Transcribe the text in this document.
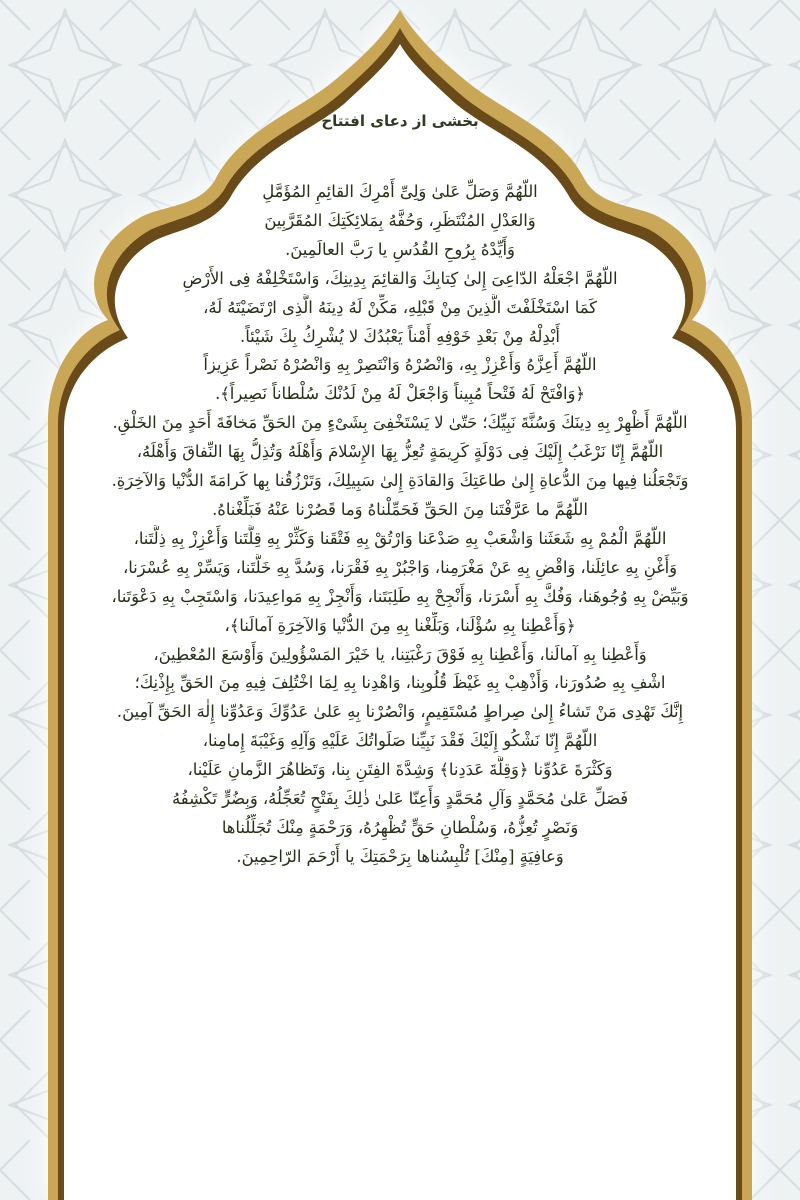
بخشی از دعای افتتاح
اللّهُمَّ وَصَلِّ عَلىٰ وَلِیِّ أَمْرِكَ القائِمِ المُؤَمَّلِ
وَالعَدْلِ المُنْتَظَرِ، وَحُفَّهُ بِمَلائِكَتِكَ المُقَرَّبِينَ
وَأَيِّدْهُ بِرُوحِ القُدُسِ يا رَبَّ العالَمِينَ.
اللّهُمَّ اجْعَلْهُ الدّاعِیَ إِلىٰ كِتابِكَ وَالقائِمَ بِدِينِكَ، وَاسْتَخْلِفْهُ فِی الأَرْضِ
كَمَا اسْتَخْلَفْتَ الَّذِينَ مِنْ قَبْلِهِ، مَكِّنْ لَهُ دِينَهُ الَّذِی ارْتَضَيْتَهُ لَهُ،
أَبْدِلْهُ مِنْ بَعْدِ خَوْفِهِ أَمْناً يَعْبُدُكَ لا يُشْرِكُ بِكَ شَيْئاً.
اللّهُمَّ أَعِزَّهُ وَأَعْزِزْ بِهِ، وَانْصُرْهُ وَانْتَصِرْ بِهِ وَانْصُرْهُ نَصْراً عَزِيزاً
﴿وَافْتَحْ لَهُ فَتْحاً مُبِيناً وَاجْعَلْ لَهُ مِنْ لَدُنْكَ سُلْطاناً نَصِيراً﴾.
اللّهُمَّ أَظْهِرْ بِهِ دِينَكَ وَسُنَّةَ نَبِيِّكَ؛ حَتّىٰ لا يَسْتَخْفِیَ بِشَیْءٍ مِنَ الحَقِّ مَخافَةَ أَحَدٍ مِنَ الخَلْقِ.
اللّهُمَّ إِنّا نَرْغَبُ إِلَيْكَ فِی دَوْلَةٍ كَرِيمَةٍ تُعِزُّ بِهَا الإِسْلامَ وَأَهْلَهُ وَتُذِلُّ بِهَا النِّفاقَ وَأَهْلَهُ،
وَتَجْعَلُنا فِيها مِنَ الدُّعاةِ إِلىٰ طاعَتِكَ وَالقادَةِ إِلىٰ سَبِيلِكَ، وَتَرْزُقُنا بِها كَرامَةَ الدُّنْيا وَالآخِرَةِ.
اللّهُمَّ ما عَرَّفْتَنا مِنَ الحَقِّ فَحَمِّلْناهُ وَما قَصُرْنا عَنْهُ فَبَلِّغْناهُ.
اللّهُمَّ الْمُمْ بِهِ شَعَثَنا وَاشْعَبْ بِهِ صَدْعَنا وَارْتُقْ بِهِ فَتْقَنا وَكَثِّرْ بِهِ قِلَّتَنا وَأَعْزِزْ بِهِ ذِلَّتَنا،
وَأَغْنِ بِهِ عائِلَنا، وَاقْضِ بِهِ عَنْ مَغْرَمِنا، وَاجْبُرْ بِهِ فَقْرَنا، وَسُدَّ بِهِ خَلَّتَنا، وَيَسِّرْ بِهِ عُسْرَنا،
وَبَيِّضْ بِهِ وُجُوهَنا، وَفُكَّ بِهِ أَسْرَنا، وَأَنْجِحْ بِهِ طَلِبَتَنا، وَأَنْجِزْ بِهِ مَواعِيدَنا، وَاسْتَجِبْ بِهِ دَعْوَتَنا،
﴿وَأَعْطِنا بِهِ سُؤْلَنا، وَبَلِّغْنا بِهِ مِنَ الدُّنْيا وَالآخِرَةِ آمالَنا﴾،
وَأَعْطِنا بِهِ آمالَنا، وَأَعْطِنا بِهِ فَوْقَ رَغْبَتِنا، يا خَيْرَ المَسْؤُولِينَ وَأَوْسَعَ المُعْطِينَ،
اشْفِ بِهِ صُدُورَنا، وَأَذْهِبْ بِهِ غَيْظَ قُلُوبِنا، وَاهْدِنا بِهِ لِمَا اخْتُلِفَ فِيهِ مِنَ الحَقِّ بِإِذْنِكَ؛
إِنَّكَ تَهْدِی مَنْ تَشاءُ إِلىٰ صِراطٍ مُسْتَقِيمٍ، وَانْصُرْنا بِهِ عَلىٰ عَدُوِّكَ وَعَدُوِّنا إِلٰهَ الحَقِّ آمِينَ.
اللّهُمَّ إِنّا نَشْكُو إِلَيْكَ فَقْدَ نَبِيِّنا صَلَواتُكَ عَلَيْهِ وَآلِهِ وَغَيْبَةَ إِمامِنا،
وَكَثْرَةَ عَدُوِّنا ﴿وَقِلَّةَ عَدَدِنا﴾ وَشِدَّةَ الفِتَنِ بِنا، وَتَظاهُرَ الزَّمانِ عَلَيْنا،
فَصَلِّ عَلىٰ مُحَمَّدٍ وَآلِ مُحَمَّدٍ وَأَعِنّا عَلىٰ ذٰلِكَ بِفَتْحٍ تُعَجِّلُهُ، وَبِضُرٍّ تَكْشِفُهُ
وَنَصْرٍ تُعِزُّهُ، وَسُلْطانِ حَقٍّ تُظْهِرُهُ، وَرَحْمَةٍ مِنْكَ تُجَلِّلُناها
وَعافِيَةٍ [مِنْكَ] تُلْبِسُناها بِرَحْمَتِكَ يا أَرْحَمَ الرّاحِمِينَ.
